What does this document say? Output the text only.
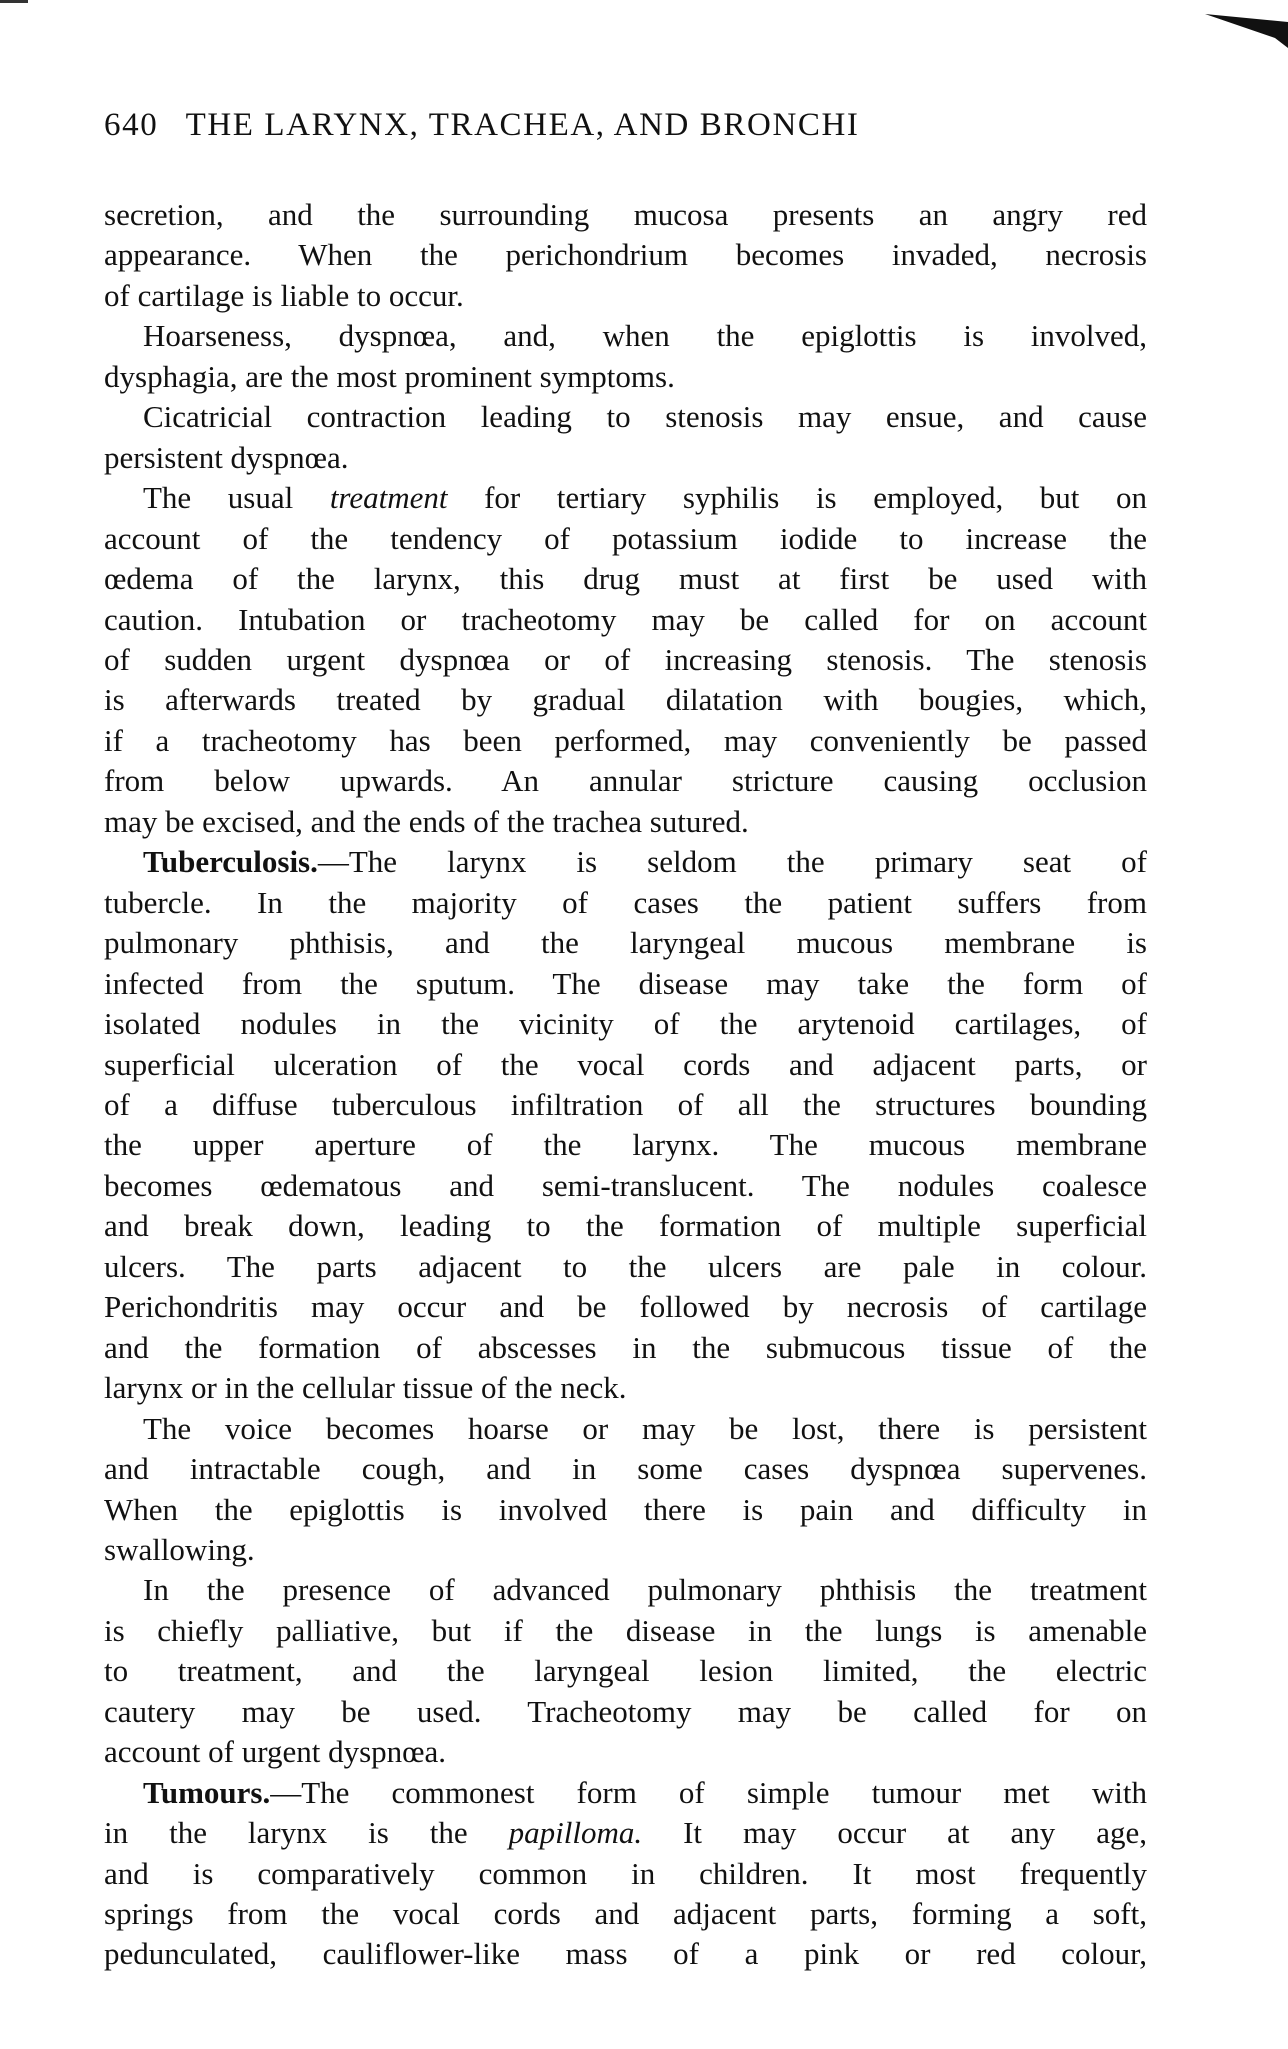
640 THE LARYNX, TRACHEA, AND BRONCHI
secretion, and the surrounding mucosa presents an angry red
appearance. When the perichondrium becomes invaded, necrosis
of cartilage is liable to occur.
Hoarseness, dyspnœa, and, when the epiglottis is involved,
dysphagia, are the most prominent symptoms.
Cicatricial contraction leading to stenosis may ensue, and cause
persistent dyspnœa.
The usual treatment for tertiary syphilis is employed, but on
account of the tendency of potassium iodide to increase the
œdema of the larynx, this drug must at first be used with
caution. Intubation or tracheotomy may be called for on account
of sudden urgent dyspnœa or of increasing stenosis. The stenosis
is afterwards treated by gradual dilatation with bougies, which,
if a tracheotomy has been performed, may conveniently be passed
from below upwards. An annular stricture causing occlusion
may be excised, and the ends of the trachea sutured.
Tuberculosis.—The larynx is seldom the primary seat of
tubercle. In the majority of cases the patient suffers from
pulmonary phthisis, and the laryngeal mucous membrane is
infected from the sputum. The disease may take the form of
isolated nodules in the vicinity of the arytenoid cartilages, of
superficial ulceration of the vocal cords and adjacent parts, or
of a diffuse tuberculous infiltration of all the structures bounding
the upper aperture of the larynx. The mucous membrane
becomes œdematous and semi-translucent. The nodules coalesce
and break down, leading to the formation of multiple superficial
ulcers. The parts adjacent to the ulcers are pale in colour.
Perichondritis may occur and be followed by necrosis of cartilage
and the formation of abscesses in the submucous tissue of the
larynx or in the cellular tissue of the neck.
The voice becomes hoarse or may be lost, there is persistent
and intractable cough, and in some cases dyspnœa supervenes.
When the epiglottis is involved there is pain and difficulty in
swallowing.
In the presence of advanced pulmonary phthisis the treatment
is chiefly palliative, but if the disease in the lungs is amenable
to treatment, and the laryngeal lesion limited, the electric
cautery may be used. Tracheotomy may be called for on
account of urgent dyspnœa.
Tumours.—The commonest form of simple tumour met with
in the larynx is the papilloma. It may occur at any age,
and is comparatively common in children. It most frequently
springs from the vocal cords and adjacent parts, forming a soft,
pedunculated, cauliflower-like mass of a pink or red colour,
